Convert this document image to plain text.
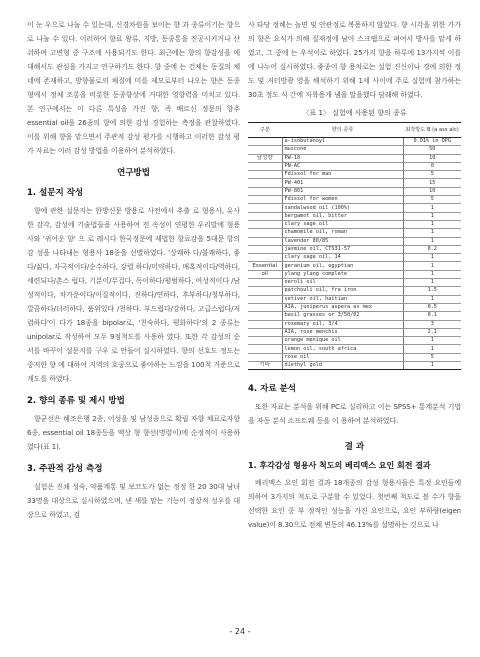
이 눈 우으로 나눌 수 있는데, 신경차원을 보이는 향 과 종류이기는 향으로 나눌 수 있다. 이러하여 향료 왕류, 지방, 동종통을 진공시키거나 산쉬하며 고변형 중 구조에 사용되기도 한다. 최근에는 향의 향감성을 에 대해서도 관심을 가지고 연구하기도 한다. 향 중에 는 건체는 동질의 체네에 존재하고, 방향물로의 체질에 미를 제모로부터 나오는 향은 동종 형에서 정체 조롱을 비롯한 동종향상에 거대한 영향력을 미치고 있다. 본 연구에서는 이 다른 특성을 가진 향, 즉 배르신 정문의 향추 essential oil을 26종의 향에 의한 감성 경험하는 측정을 관찰하였다. 이를 위해 향을 맡으면서 주관적 감성 평가를 시행하고 이러한 감성 평가 자료는 이러 감성 방법을 이용하여 분석하였다.

연구방법
1. 설문지 작성

향에 관한 설문지는 한방신문 방용로 사전에서 추출 로 형용사, 유사한 감각, 감성에 기술법들을 사용하여 전 속성이 연평한 우리말에 형용사와 '귀여운 향' 으 로 레시다 한국정문에 제법한 항료감을 5대문 항의 감 성을 나타내는 형용사 18종을 선별하였다. '상쾌하 다/불쾌하다, 좋다/싫다, 자극적이다/순수하다, 강렬 하다/미약하다, 매혹적이다/역하다, 세련되다/촌스 럽다, 기분이/무겁다, 독이하다/평범하다, 여성적이다 /남성적이다, 차가운이다/이질적이다, 진하다/연하다, 후부하다/청부하다, 깔끔하다/더러하다, 품위있다 /천하다. 부드럽다/강하다, 고급스럽다/저렴하다'이 다가 18종을 bipolar로, '친숙하다, 평화하다'의 2 종류는 unipolar로 작성하여 모두 9점척도를 사용하 였다. 또한 각 감성의 순서를 바꾸어 설문지를 구우 로 만들어 실시하였다. 향의 선호도 정도는 중저한 향 에 대하여 지역의 호공으로 좋아하는 느낌을 100척 거준으로 계도를 하였다.

2. 향의 종류 및 제시 방법

향균선은 해조은행 2종, 어성을 및 남성종으로 확립 자향 체료로자향 6종, essential oil 18종등을 액상 형 향선(명령이)에 순정적이 사용하였다(표 1).

3. 주관적 감성 측정

실험은 진쇄 성숙, 약품계통 및 보코도가 없는 정정 한 20 30대 남녀 33명을 대상으로 실시하였으며, 낸 새를 맡는 기능이 정상적 성우를 대상으로 하였고, 검

사 타당 정혜는 놀면 및 안관정로 복용하지 않았다. 향 시각을 위한 가가의 향은 요식가 의해 질재정에 남아 스크랩으로 펴여서 방사를 맡게 하였고, 그 중에 는 우석이로 하였다. 25가지 향을 하루에 13가지씩 이를에 나누어 실시하였다. 좋종이 향 용차로는 실험 진신이나 경에 의한 정도 및 저터방광 영을 해석하기 위해 1세 사이에 주로 실험에 참가하는 30초 정도 식 간에 자륙용개 냄을 말을했다 담래해 하였다.

〈표 1〉 실험에 사용된 향의 종류
구분	향의 종류	최작방도 B (a ass alc)
	a-isobutanoyl	0.01% in DPG
	muscone	50
남성향	PW-18	10
	PN-AC	0
	Fdissol for man	5
	PW-401	15
	PW-801	10
	Fdissol for women	5
	sandalwood oil (100%)	1
	bergamot oil, bitter	1
	clary sage oil	1
	chamomile oil, roman	1
	lavender 80/85	1
	jasmine oil, CTS31-57	0.2
	clary sage oil, 14	1
Essential	geranium oil, egyptian	1
oil	ylang ylang complete	1
	neroli oil	1
	patchouli oil, fra iron	1.5
	vetiver oil, haitian	1
	AIA, juniperus aspera ex mex	0.5
	basil grasses or 3/50/02	0.1
	rosemary oil, 3/4	3
	AIA, rose menchis	2.1
	orange menique oil	1
	lemon oil, south africa	1
	rose oil	5
기타	diethyl gold	1
4. 자료 분석

또한 자료는 분석을 위해 PC로 실리하고 이는 SPSS+ 통계분석 기법을 자동 분석 소프트웨 등을 이 용하여 분석하였다.

결 과
1. 후각감성 형용사 척도의 베리맥스 요인 회전 결과

베리맥스 요인 회전 결과 18개종의 감성 형용사들은 특정 요인들에 의하여 3가지의 척도로 구분할 수 있었다. 첫번째 척도로 볼 수가 향을 선택한 요인 중 부 정적인 성능을 가진 요인으로, 요인 부하량(eigen value)이 8.30으로 전체 변동의 46.13%를 설명하는 것으로 나

- 24 -
